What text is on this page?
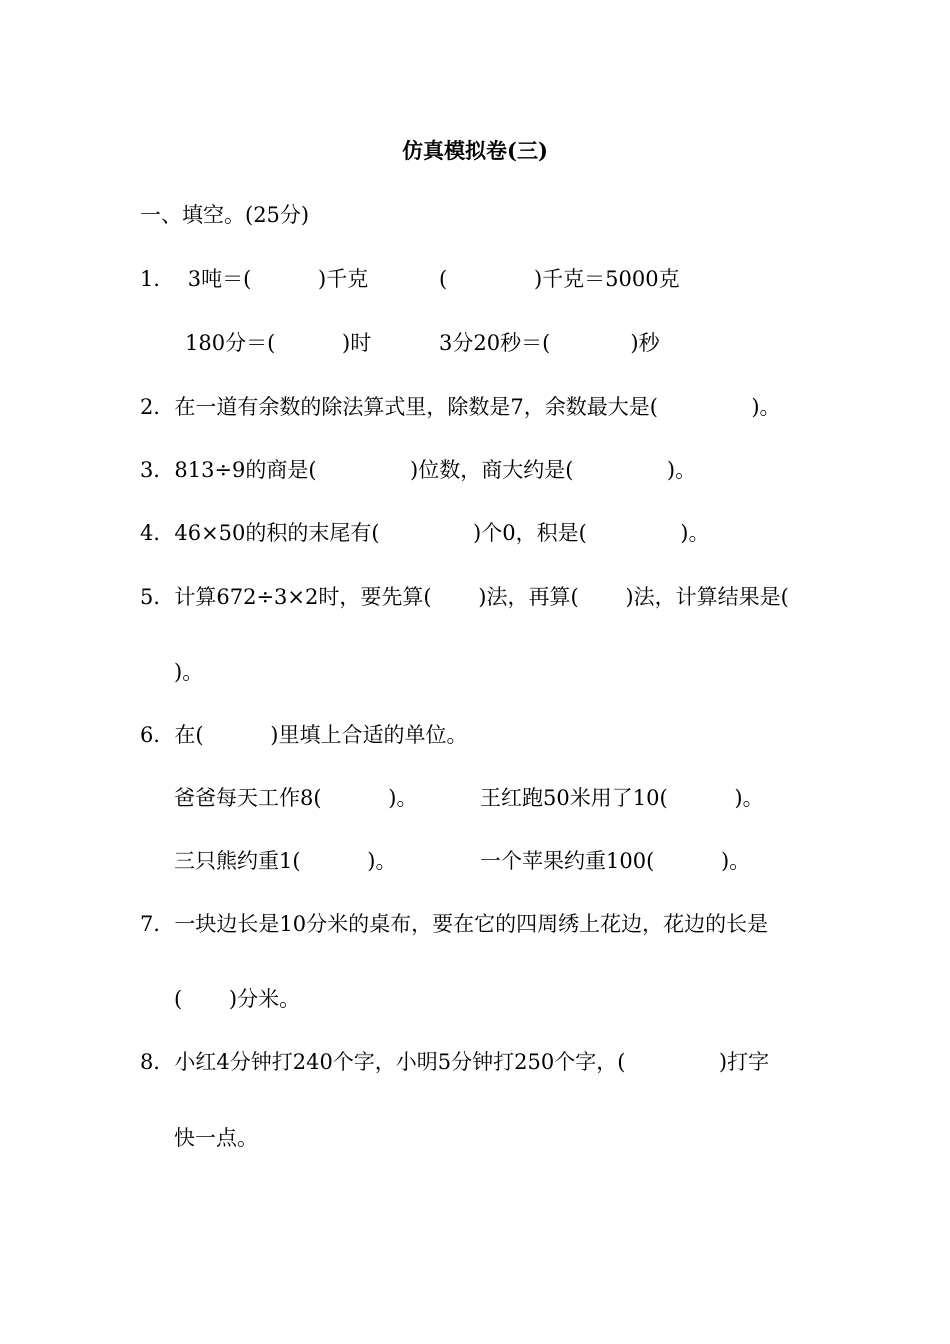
仿真模拟卷(三)
一、填空。(25分)
1．  3吨＝(          )千克	(             )千克＝5000克
180分＝(          )时	3分20秒＝(            )秒
2．在一道有余数的除法算式里，除数是7，余数最大是(              )。
3．813÷9的商是(              )位数，商大约是(              )。
4．46×50的积的末尾有(              )个0，积是(              )。
5．计算672÷3×2时，要先算(       )法，再算(       )法，计算结果是(
)。
6．在(          )里填上合适的单位。
爸爸每天工作8(          )。	王红跑50米用了10(          )。
三只熊约重1(          )。	一个苹果约重100(          )。
7．一块边长是10分米的桌布，要在它的四周绣上花边，花边的长是
(       )分米。
8．小红4分钟打240个字，小明5分钟打250个字，(              )打字
快一点。
